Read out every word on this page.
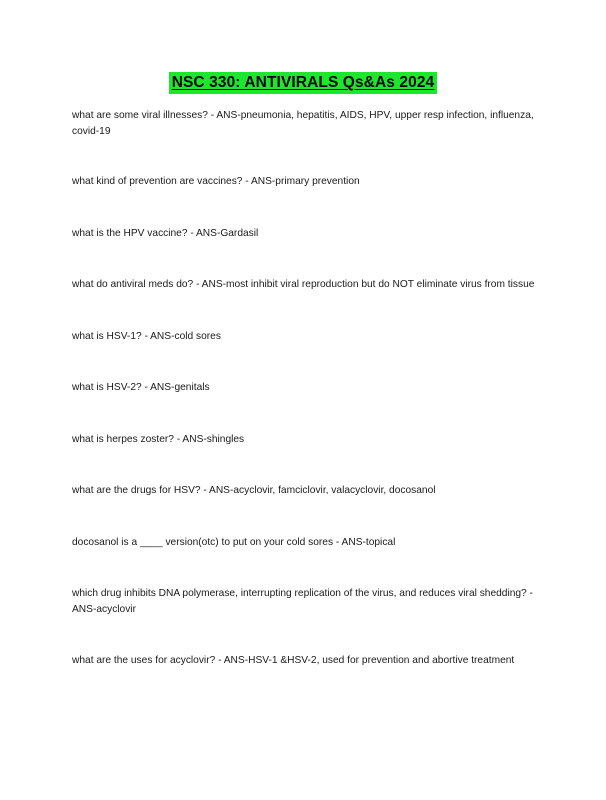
NSC 330: ANTIVIRALS Qs&As 2024

what are some viral illnesses? - ANS-pneumonia, hepatitis, AIDS, HPV, upper resp infection, influenza, covid-19

what kind of prevention are vaccines? - ANS-primary prevention

what is the HPV vaccine? - ANS-Gardasil

what do antiviral meds do? - ANS-most inhibit viral reproduction but do NOT eliminate virus from tissue

what is HSV-1? - ANS-cold sores

what is HSV-2? - ANS-genitals

what is herpes zoster? - ANS-shingles

what are the drugs for HSV? - ANS-acyclovir, famciclovir, valacyclovir, docosanol

docosanol is a ____ version(otc) to put on your cold sores - ANS-topical

which drug inhibits DNA polymerase, interrupting replication of the virus, and reduces viral shedding? - ANS-acyclovir

what are the uses for acyclovir? - ANS-HSV-1 &HSV-2, used for prevention and abortive treatment
